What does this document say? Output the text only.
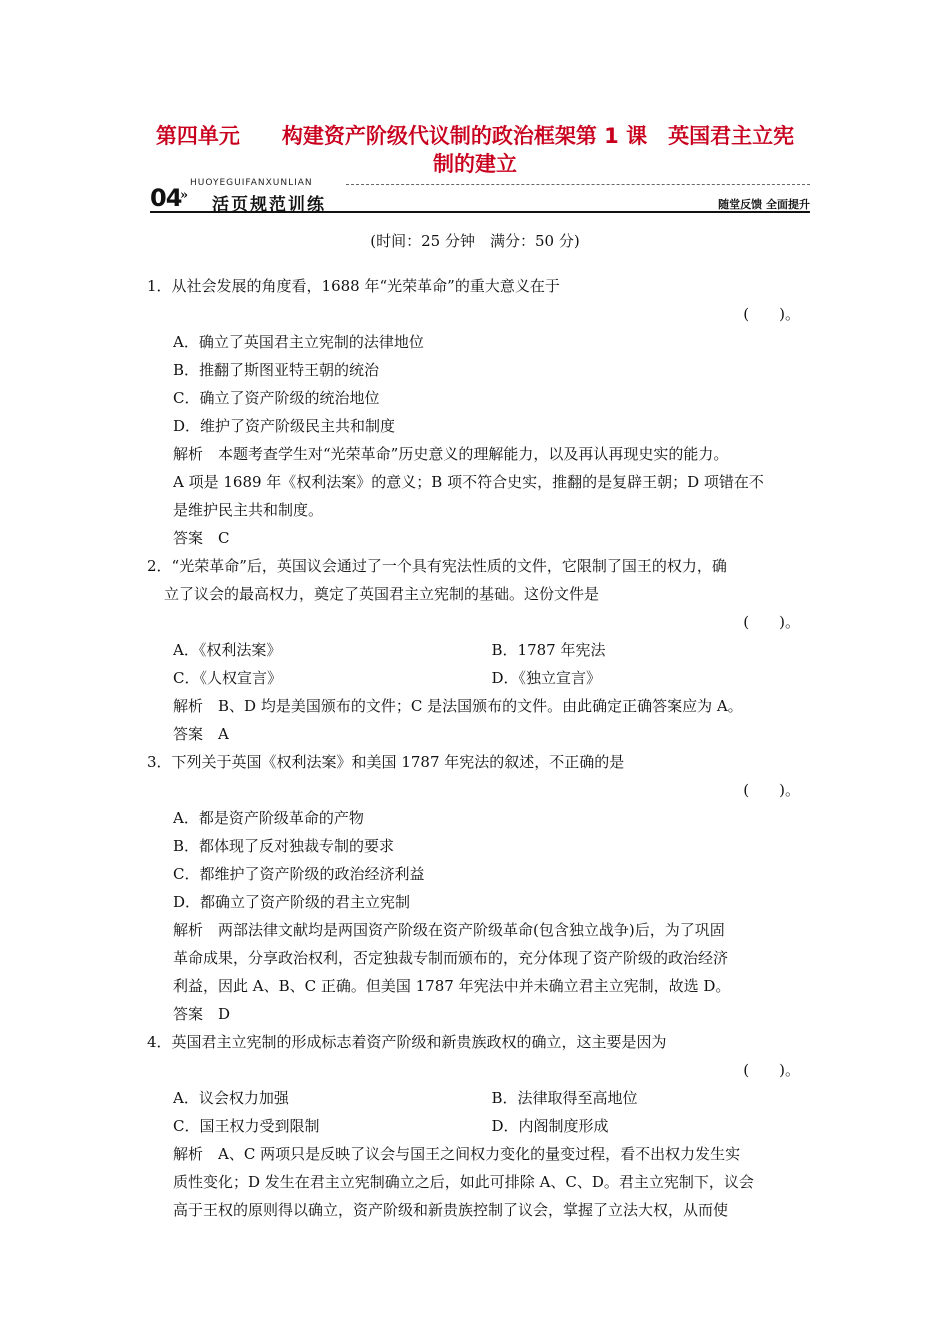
第四单元　　构建资产阶级代议制的政治框架第 1 课　英国君主立宪
制的建立
HUOYEGUIFANXUNLIAN
04
» 活页规范训练	随堂反馈 全面提升
(时间：25 分钟　满分：50 分)
1．从社会发展的角度看，1688 年“光荣革命”的重大意义在于
(　　)。
A．确立了英国君主立宪制的法律地位
B．推翻了斯图亚特王朝的统治
C．确立了资产阶级的统治地位
D．维护了资产阶级民主共和制度
解析　本题考查学生对“光荣革命”历史意义的理解能力，以及再认再现史实的能力。
A 项是 1689 年《权利法案》的意义；B 项不符合史实，推翻的是复辟王朝；D 项错在不
是维护民主共和制度。
答案　C
2．“光荣革命”后，英国议会通过了一个具有宪法性质的文件，它限制了国王的权力，确
立了议会的最高权力，奠定了英国君主立宪制的基础。这份文件是
(　　)。
A．《权利法案》	B．1787 年宪法
C．《人权宣言》	D．《独立宣言》
解析　B、D 均是美国颁布的文件；C 是法国颁布的文件。由此确定正确答案应为 A。
答案　A
3．下列关于英国《权利法案》和美国 1787 年宪法的叙述，不正确的是
(　　)。
A．都是资产阶级革命的产物
B．都体现了反对独裁专制的要求
C．都维护了资产阶级的政治经济利益
D．都确立了资产阶级的君主立宪制
解析　两部法律文献均是两国资产阶级在资产阶级革命(包含独立战争)后，为了巩固
革命成果，分享政治权利，否定独裁专制而颁布的，充分体现了资产阶级的政治经济
利益，因此 A、B、C 正确。但美国 1787 年宪法中并未确立君主立宪制，故选 D。
答案　D
4．英国君主立宪制的形成标志着资产阶级和新贵族政权的确立，这主要是因为
(　　)。
A．议会权力加强	B．法律取得至高地位
C．国王权力受到限制	D．内阁制度形成
解析　A、C 两项只是反映了议会与国王之间权力变化的量变过程，看不出权力发生实
质性变化；D 发生在君主立宪制确立之后，如此可排除 A、C、D。君主立宪制下，议会
高于王权的原则得以确立，资产阶级和新贵族控制了议会，掌握了立法大权，从而使
